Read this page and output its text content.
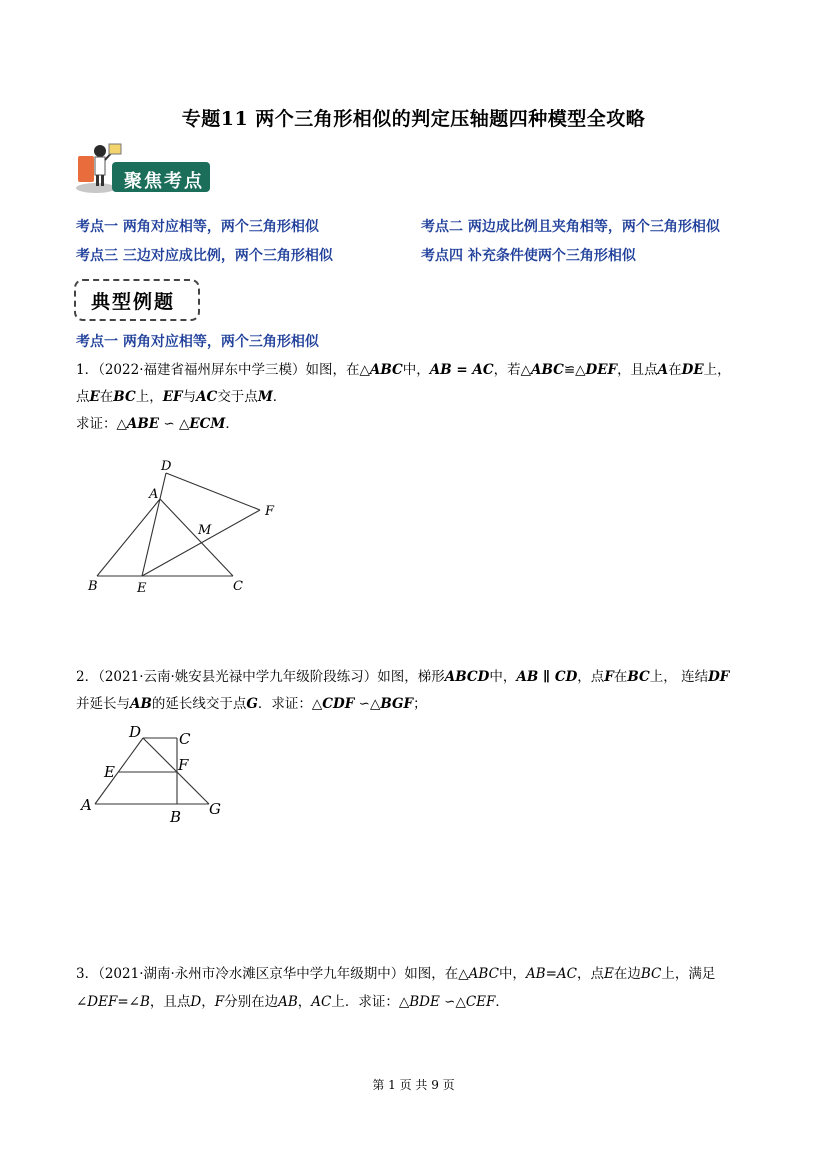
专题11 两个三角形相似的判定压轴题四种模型全攻略
聚焦考点
考点一 两角对应相等，两个三角形相似	考点二 两边成比例且夹角相等，两个三角形相似
考点三 三边对应成比例，两个三角形相似	考点四 补充条件使两个三角形相似
典型例题
考点一 两角对应相等，两个三角形相似
1．（2022·福建省福州屏东中学三模）如图，在△ABC中，AB = AC，若△ABC≌△DEF，且点A在DE上，
点E在BC上，EF与AC交于点M．
求证：△ABE ∽ △ECM．
D
A
F
M
B	E	C
2．（2021·云南·姚安县光禄中学九年级阶段练习）如图，梯形ABCD中，AB ∥ CD，点F在BC上， 连结DF
并延长与AB的延长线交于点G．求证：△CDF ∽△BGF；
D	C
E	F
A
B G
3．（2021·湖南·永州市冷水滩区京华中学九年级期中）如图，在△ABC中，AB=AC，点E在边BC上，满足
∠DEF=∠B，且点D，F分别在边AB，AC上．求证：△BDE ∽△CEF．
第 1 页 共 9 页
